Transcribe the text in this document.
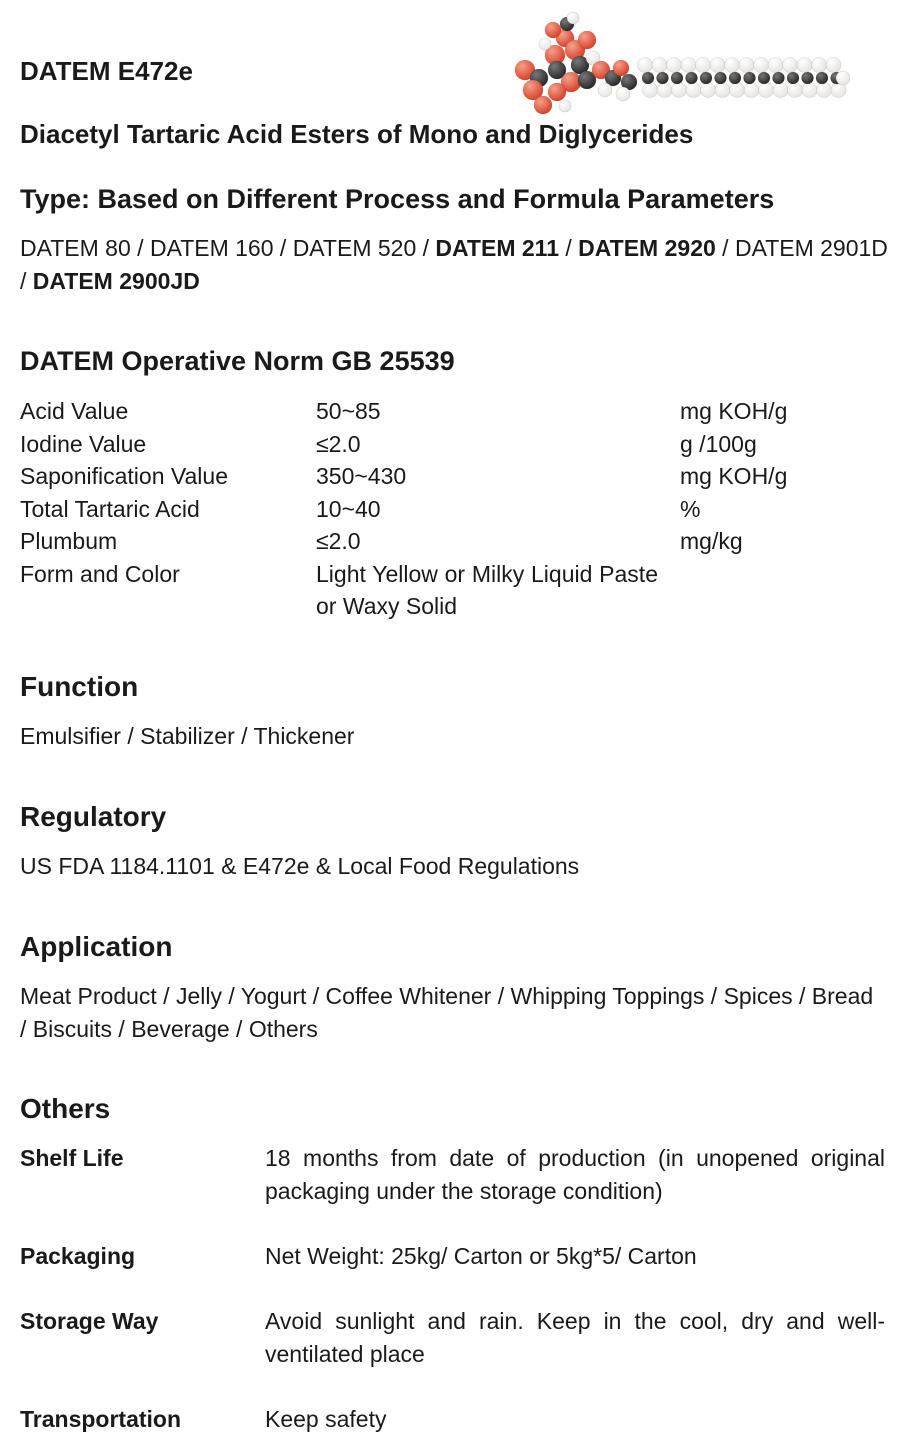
DATEM E472e
Diacetyl Tartaric Acid Esters of Mono and Diglycerides
Type: Based on Different Process and Formula Parameters
DATEM 80 / DATEM 160 / DATEM 520 / DATEM 211 / DATEM 2920 / DATEM 2901D / DATEM 2900JD
DATEM Operative Norm GB 25539
Acid Value	50~85	mg KOH/g
Iodine Value	≤2.0	g /100g
Saponification Value	350~430	mg KOH/g
Total Tartaric Acid	10~40	%
Plumbum	≤2.0	mg/kg
Form and Color	Light Yellow or Milky Liquid Paste or Waxy Solid
Function
Emulsifier / Stabilizer / Thickener
Regulatory
US FDA 1184.1101 & E472e & Local Food Regulations
Application
Meat Product / Jelly / Yogurt / Coffee Whitener / Whipping Toppings / Spices / Bread / Biscuits / Beverage / Others
Others
Shelf Life	18 months from date of production (in unopened original packaging under the storage condition)
Packaging	Net Weight: 25kg/ Carton or 5kg*5/ Carton
Storage Way	Avoid sunlight and rain. Keep in the cool, dry and well-ventilated place
Transportation	Keep safety
